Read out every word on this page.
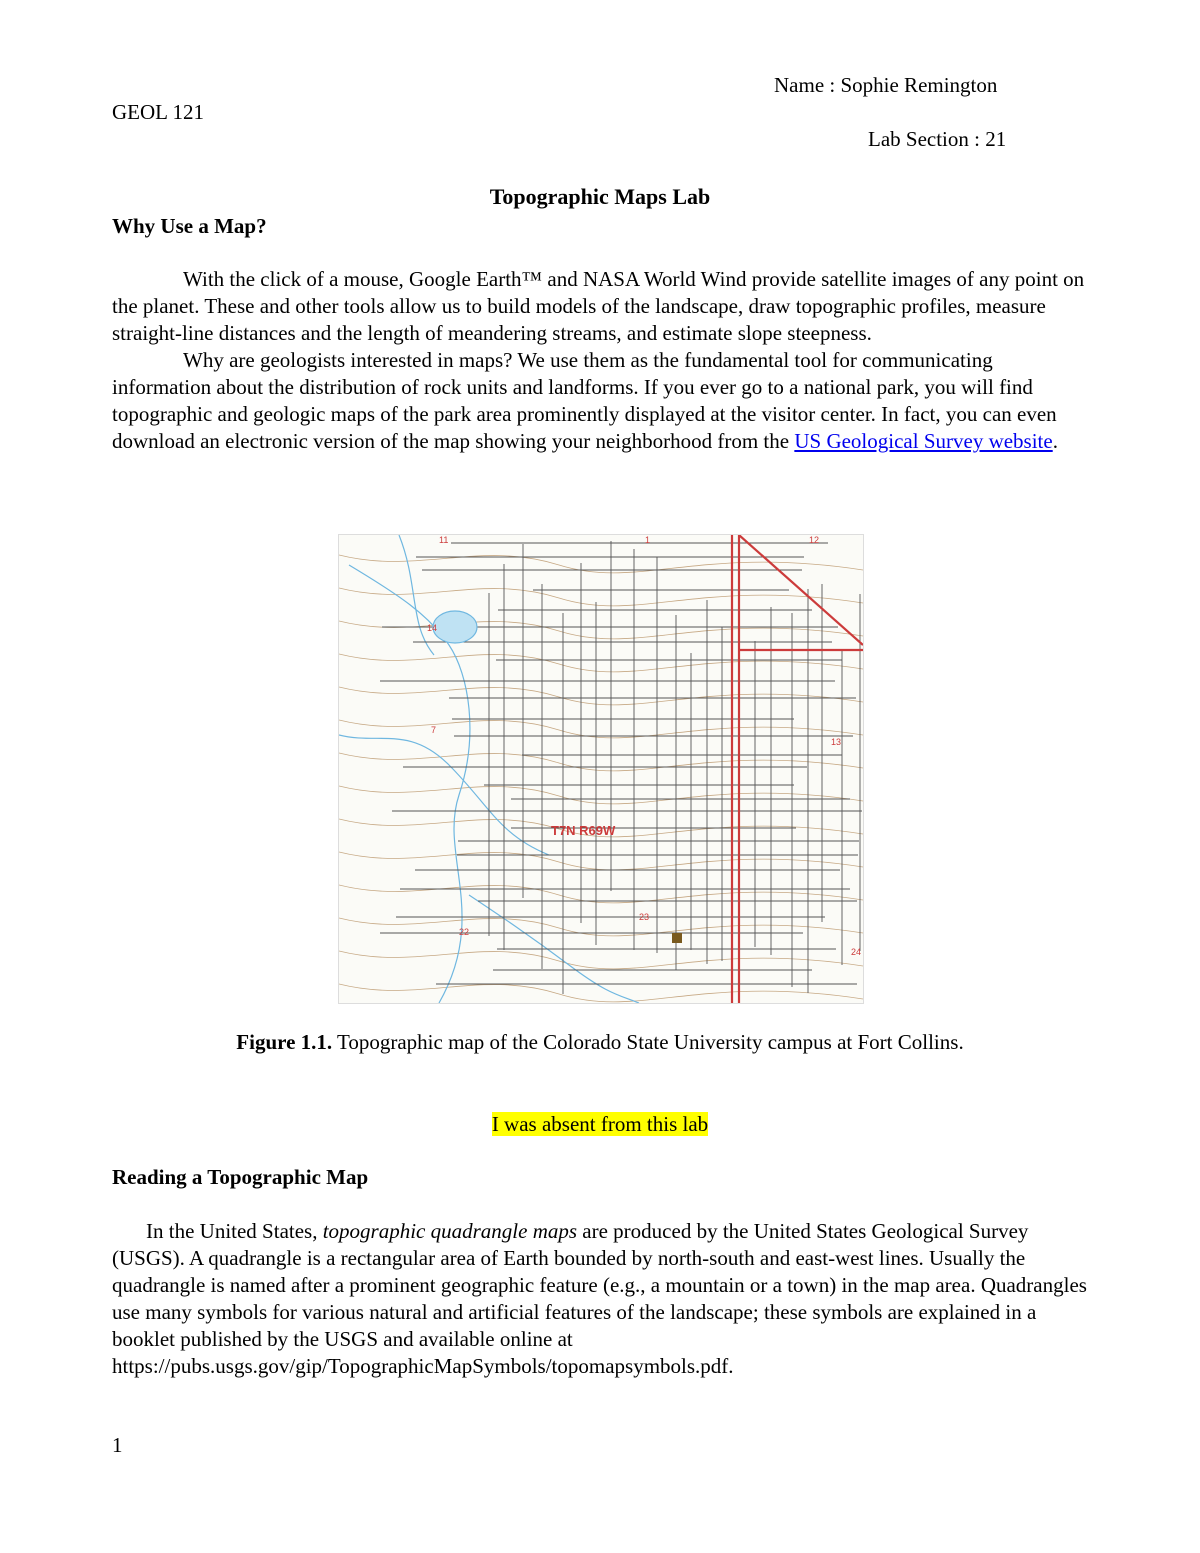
Name : Sophie Remington
GEOL 121
Lab Section : 21
Topographic Maps Lab
Why Use a Map?

With the click of a mouse, Google Earth™ and NASA World Wind provide satellite images of any point on the planet. These and other tools allow us to build models of the landscape, draw topographic profiles, measure straight-line distances and the length of meandering streams, and estimate slope steepness.

Why are geologists interested in maps? We use them as the fundamental tool for communicating information about the distribution of rock units and landforms. If you ever go to a national park, you will find topographic and geologic maps of the park area prominently displayed at the visitor center. In fact, you can even download an electronic version of the map showing your neighborhood from the US Geological Survey website.

T7N R69W
11	12
14
13
22
23
24
7
1
Figure 1.1. Topographic map of the Colorado State University campus at Fort Collins.
I was absent from this lab
Reading a Topographic Map

In the United States, topographic quadrangle maps are produced by the United States Geological Survey (USGS). A quadrangle is a rectangular area of Earth bounded by north-south and east-west lines. Usually the quadrangle is named after a prominent geographic feature (e.g., a mountain or a town) in the map area. Quadrangles use many symbols for various natural and artificial features of the landscape; these symbols are explained in a booklet published by the USGS and available online at https://pubs.usgs.gov/gip/TopographicMapSymbols/topomapsymbols.pdf.

1
